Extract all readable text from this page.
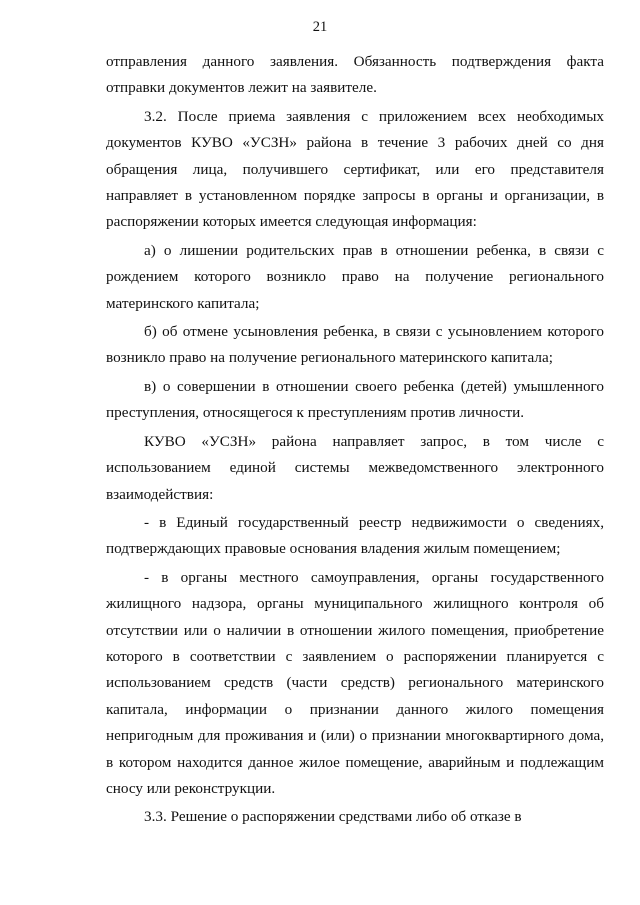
21

отправления данного заявления. Обязанность подтверждения факта отправки документов лежит на заявителе.

3.2. После приема заявления с приложением всех необходимых документов КУВО «УСЗН» района в течение 3 рабочих дней со дня обращения лица, получившего сертификат, или его представителя направляет в установленном порядке запросы в органы и организации, в распоряжении которых имеется следующая информация:

а) о лишении родительских прав в отношении ребенка, в связи с рождением которого возникло право на получение регионального материнского капитала;

б) об отмене усыновления ребенка, в связи с усыновлением которого возникло право на получение регионального материнского капитала;

в) о совершении в отношении своего ребенка (детей) умышленного преступления, относящегося к преступлениям против личности.

КУВО «УСЗН» района направляет запрос, в том числе с использованием единой системы межведомственного электронного взаимодействия:

- в Единый государственный реестр недвижимости о сведениях, подтверждающих правовые основания владения жилым помещением;

- в органы местного самоуправления, органы государственного жилищного надзора, органы муниципального жилищного контроля об отсутствии или о наличии в отношении жилого помещения, приобретение которого в соответствии с заявлением о распоряжении планируется с использованием средств (части средств) регионального материнского капитала, информации о признании данного жилого помещения непригодным для проживания и (или) о признании многоквартирного дома, в котором находится данное жилое помещение, аварийным и подлежащим сносу или реконструкции.

3.3. Решение о распоряжении средствами либо об отказе в
